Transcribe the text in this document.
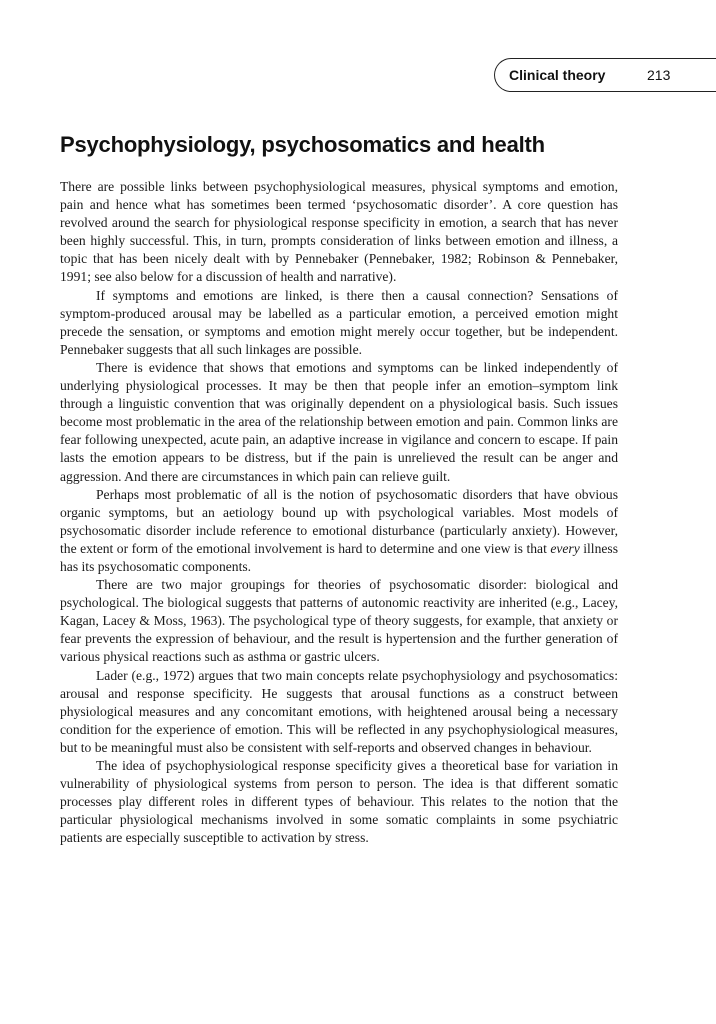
Clinical theory	213
Psychophysiology, psychosomatics and health

There are possible links between psychophysiological measures, physical symptoms and emotion, pain and hence what has sometimes been termed ‘psychosomatic disorder’. A core question has revolved around the search for physiological response specificity in emotion, a search that has never been highly successful. This, in turn, prompts consideration of links between emotion and illness, a topic that has been nicely dealt with by Pennebaker (Pennebaker, 1982; Robinson & Pennebaker, 1991; see also below for a discussion of health and narrative).

If symptoms and emotions are linked, is there then a causal connection? Sensations of symptom-produced arousal may be labelled as a particular emotion, a perceived emotion might precede the sensation, or symptoms and emotion might merely occur together, but be independent. Pennebaker suggests that all such linkages are possible.

There is evidence that shows that emotions and symptoms can be linked independently of underlying physiological processes. It may be then that people infer an emotion–symptom link through a linguistic convention that was originally dependent on a physiological basis. Such issues become most problematic in the area of the relationship between emotion and pain. Common links are fear following unexpected, acute pain, an adaptive increase in vigilance and concern to escape. If pain lasts the emotion appears to be distress, but if the pain is unrelieved the result can be anger and aggression. And there are circumstances in which pain can relieve guilt.

Perhaps most problematic of all is the notion of psychosomatic disorders that have obvious organic symptoms, but an aetiology bound up with psychological variables. Most models of psychosomatic disorder include reference to emotional disturbance (particularly anxiety). However, the extent or form of the emotional involvement is hard to determine and one view is that every illness has its psychosomatic components.

There are two major groupings for theories of psychosomatic disorder: biological and psychological. The biological suggests that patterns of autonomic reactivity are inherited (e.g., Lacey, Kagan, Lacey & Moss, 1963). The psychological type of theory suggests, for example, that anxiety or fear prevents the expression of behaviour, and the result is hypertension and the further generation of various physical reactions such as asthma or gastric ulcers.

Lader (e.g., 1972) argues that two main concepts relate psychophysiology and psychosomatics: arousal and response specificity. He suggests that arousal functions as a construct between physiological measures and any concomitant emotions, with heightened arousal being a necessary condition for the experience of emotion. This will be reflected in any psychophysiological measures, but to be meaningful must also be consistent with self-reports and observed changes in behaviour.

The idea of psychophysiological response specificity gives a theoretical base for variation in vulnerability of physiological systems from person to person. The idea is that different somatic processes play different roles in different types of behaviour. This relates to the notion that the particular physiological mechanisms involved in some somatic complaints in some psychiatric patients are especially susceptible to activation by stress.
